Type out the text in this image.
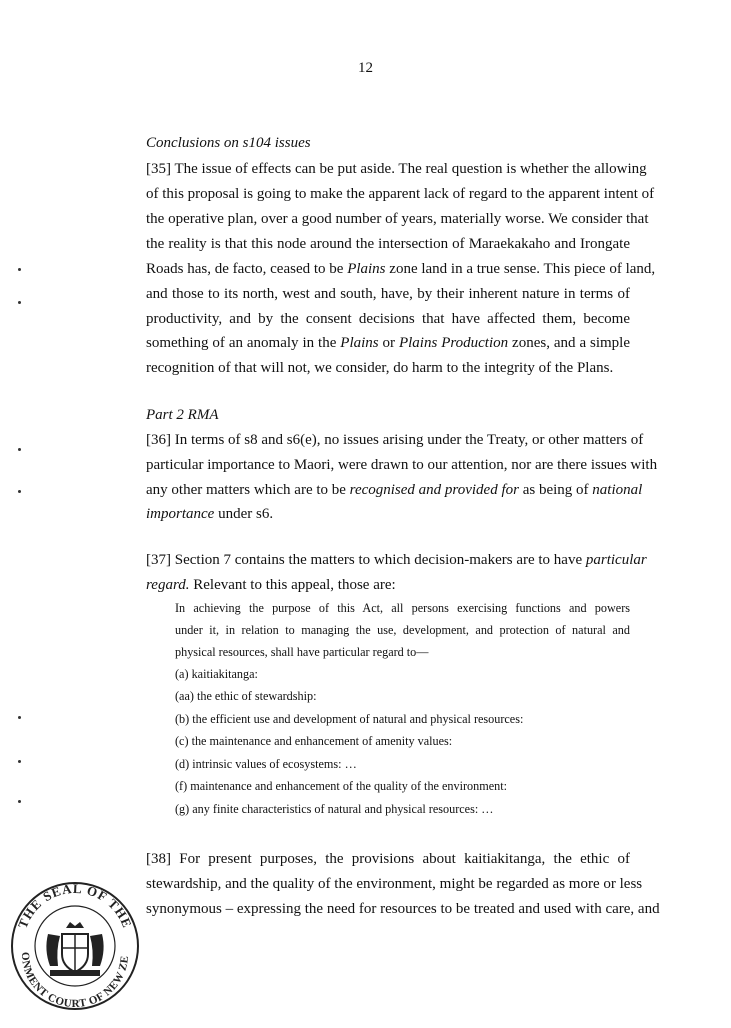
12
Conclusions on s104 issues
[35] The issue of effects can be put aside. The real question is whether the allowing
of this proposal is going to make the apparent lack of regard to the apparent intent of
the operative plan, over a good number of years, materially worse. We consider that
the reality is that this node around the intersection of Maraekakaho and Irongate
Roads has, de facto, ceased to be Plains zone land in a true sense. This piece of land,
and those to its north, west and south, have, by their inherent nature in terms of
productivity, and by the consent decisions that have affected them, become
something of an anomaly in the Plains or Plains Production zones, and a simple
recognition of that will not, we consider, do harm to the integrity of the Plans.
Part 2 RMA
[36] In terms of s8 and s6(e), no issues arising under the Treaty, or other matters of
particular importance to Maori, were drawn to our attention, nor are there issues with
any other matters which are to be recognised and provided for as being of national
importance under s6.
[37] Section 7 contains the matters to which decision-makers are to have particular
regard. Relevant to this appeal, those are:
In achieving the purpose of this Act, all persons exercising functions and powers
under it, in relation to managing the use, development, and protection of natural and
physical resources, shall have particular regard to—
(a) kaitiakitanga:
(aa) the ethic of stewardship:
(b) the efficient use and development of natural and physical resources:
(c) the maintenance and enhancement of amenity values:
(d) intrinsic values of ecosystems: …
(f) maintenance and enhancement of the quality of the environment:
(g) any finite characteristics of natural and physical resources: …
[38] For present purposes, the provisions about kaitiakitanga, the ethic of
stewardship, and the quality of the environment, might be regarded as more or less
synonymous – expressing the need for resources to be treated and used with care, and
THE SEAL OF THE
ONMENT COURT OF NEW ZE
